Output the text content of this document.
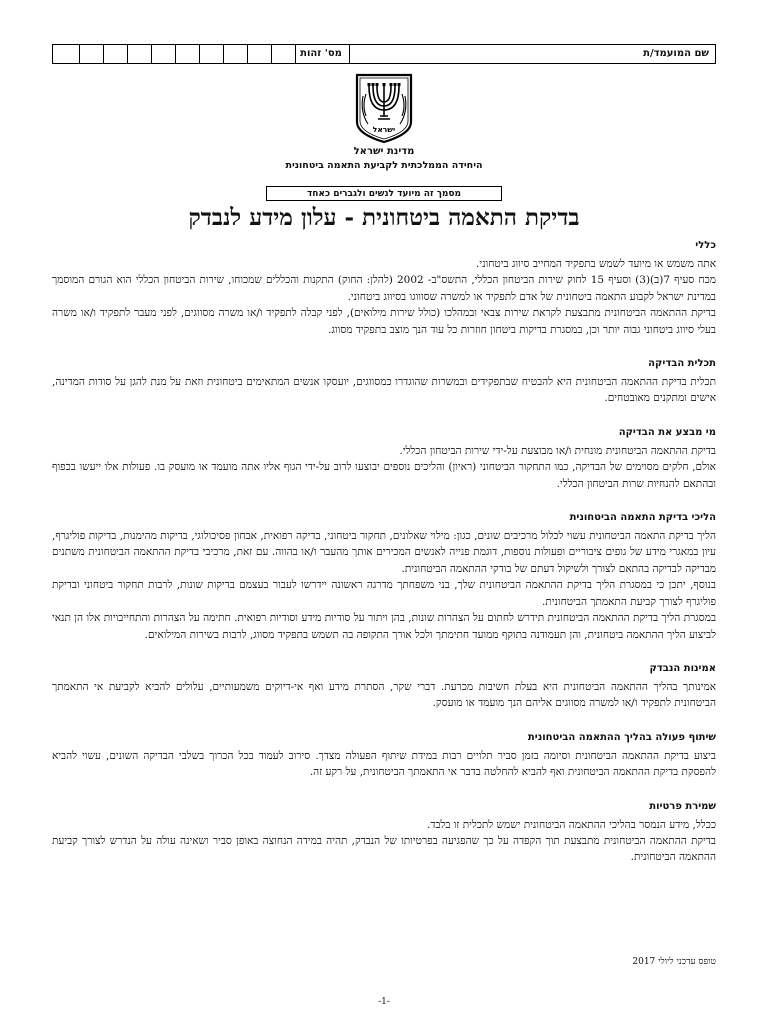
שם המועמד/ת
מס' זהות
ישראל
מדינת ישראל
היחידה הממלכתית לקביעת התאמה ביטחונית
מסמך זה מיועד לנשים ולגברים כאחד
בדיקת התאמה ביטחונית - עלון מידע לנבדק
כללי

אתה משמש או מיועד לשמש בתפקיד המחייב סיווג ביטחוני.

מכח סעיף 7(ב)(3) וסעיף 15 לחוק שירות הביטחון הכללי, התשס"ב- 2002 (להלן: החוק) התקנות והכללים שמכוחו, שירות הביטחון הכללי הוא הגורם המוסמך במדינת ישראל לקבוע התאמה ביטחונית של אדם לתפקיד או למשרה שסוווגו בסיווג ביטחוני.

בדיקת ההתאמה הביטחונית מתבצעת לקראת שירות צבאי ובמהלכו (כולל שירות מילואים), לפני קבלה לתפקיד ו/או משרה מסווגים, לפני מעבר לתפקיד ו/או משרה בעלי סיווג ביטחוני גבוה יותר וכן, במסגרת בדיקות ביטחון חוזרות כל עוד הנך מוצב בתפקיד מסווג.

תכלית הבדיקה

תכלית בדיקת ההתאמה הביטחונית היא להבטיח שבתפקידים ובמשרות שהוגדרו כמסווגים, יועסקו אנשים המתאימים ביטחונית וזאת על מנת להגן על סודות המדינה, אישים ומתקנים מאובטחים.

מי מבצע את הבדיקה

בדיקת ההתאמה הביטחונית מונחית ו/או מבוצעת על-ידי שירות הביטחון הכללי.

אולם, חלקים מסוימים של הבדיקה, כמו התחקור הביטחוני (ראיון) והליכים נוספים יבוצעו לרוב על-ידי הגוף אליו אתה מועמד או מועסק בו. פעולות אלו ייעשו בכפוף ובהתאם להנחיות שרות הביטחון הכללי.

הליכי בדיקת התאמה הביטחונית

הליך בדיקת התאמה הביטחונית עשוי לכלול מרכיבים שונים, כגון: מילוי שאלונים, תחקור ביטחוני, בדיקה רפואית, אבחון פסיכולוגי, בדיקות מהימנות, בדיקות פוליגרף, עיון במאגרי מידע של גופים ציבוריים ופעולות נוספות, דוגמת פנייה לאנשים המכירים אותך מהעבר ו/או בהווה. עם זאת, מרכיבי בדיקת ההתאמה הביטחונית משתנים מבדיקה לבדיקה בהתאם לצורך ולשיקול דעתם של בודקי ההתאמה הביטחונית.

בנוסף, יתכן כי במסגרת הליך בדיקת ההתאמה הביטחונית שלך, בני משפחתך מדרגה ראשונה יידרשו לעבור בעצמם בדיקות שונות, לרבות תחקור ביטחוני ובדיקת פוליגרף לצורך קביעת התאמתך הביטחונית.

במסגרת הליך בדיקת ההתאמה הביטחונית תידרש לחתום על הצהרות שונות, בהן ויתור על סודיות מידע וסודיות רפואית. חתימה על הצהרות והתחייבויות אלו הן תנאי לביצוע הליך ההתאמה ביטחונית, והן תעמודנה בתוקף ממועד חתימתך ולכל אורך התקופה בה תשמש בתפקיד מסווג, לרבות בשירות המילואים.

אמינות הנבדק

אמינותך בהליך ההתאמה הביטחונית היא בעלת חשיבות מכרעת. דברי שקר, הסתרת מידע ואף אי-דיוקים משמעותיים, עלולים להביא לקביעת אי התאמתך הביטחונית לתפקיד ו/או למשרה מסווגים אליהם הנך מועמד או מועסק.

שיתוף פעולה בהליך ההתאמה הביטחונית

ביצוע בדיקת ההתאמה הביטחונית וסיומה בזמן סביר תלויים רבות במידת שיתוף הפעולה מצדך. סירוב לעמוד בכל הכרוך בשלבי הבדיקה השונים, עשוי להביא להפסקת בדיקת ההתאמה הביטחונית ואף להביא להחלטה בדבר אי התאמתך הביטחונית, על רקע זה.

שמירת פרטיות

ככלל, מידע הנמסר בהליכי ההתאמה הביטחונית ישמש לתכלית זו בלבד.

בדיקת ההתאמה הביטחונית מתבצעת תוך הקפדה על כך שהפגיעה בפרטיותו של הנבדק, תהיה במידה הנחוצה באופן סביר ושאינה עולה על הנדרש לצורך קביעת ההתאמה הביטחונית.

טופס עדכני ליולי 2017
-1-
